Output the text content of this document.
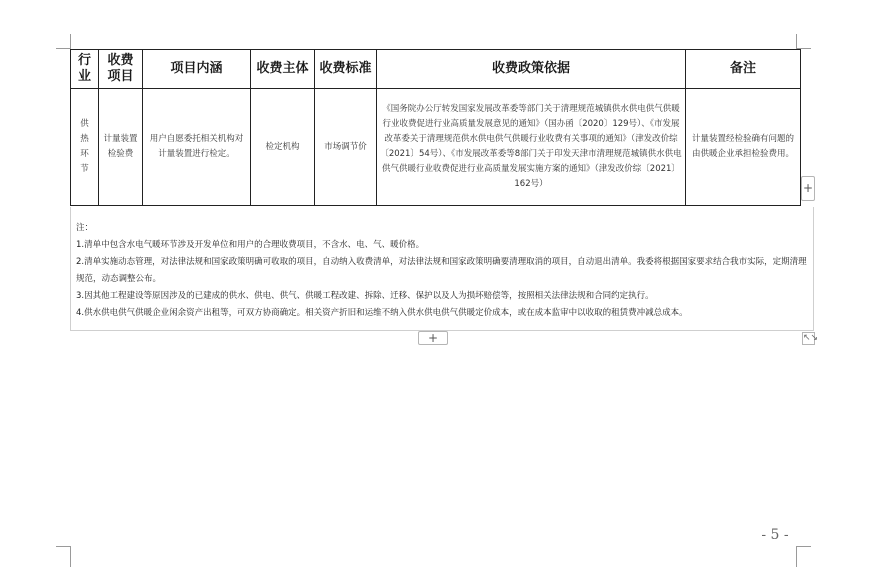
行业	收费项目	项目内涵	收费主体	收费标准	收费政策依据	备注
供热环节	计量装置检验费	用户自愿委托相关机构对计量装置进行检定。	检定机构	市场调节价	《国务院办公厅转发国家发展改革委等部门关于清理规范城镇供水供电供气供暖行业收费促进行业高质量发展意见的通知》（国办函〔2020〕129号）、《市发展改革委关于清理规范供水供电供气供暖行业收费有关事项的通知》（津发改价综〔2021〕54号）、《市发展改革委等8部门关于印发天津市清理规范城镇供水供电供气供暖行业收费促进行业高质量发展实施方案的通知》（津发改价综〔2021〕162号）	计量装置经检验确有问题的由供暖企业承担检验费用。
+

注：

1.清单中包含水电气暖环节涉及开发单位和用户的合理收费项目，不含水、电、气、暖价格。

2.清单实施动态管理，对法律法规和国家政策明确可收取的项目，自动纳入收费清单，对法律法规和国家政策明确要清理取消的项目，自动退出清单。我委将根据国家要求结合我市实际，定期清理规范，动态调整公布。

3.因其他工程建设等原因涉及的已建成的供水、供电、供气、供暖工程改建、拆除、迁移、保护以及人为损坏赔偿等，按照相关法律法规和合同约定执行。

4.供水供电供气供暖企业闲余资产出租等，可双方协商确定。相关资产折旧和运维不纳入供水供电供气供暖定价成本，或在成本监审中以收取的租赁费冲减总成本。

+	↖↘
- 5 -
